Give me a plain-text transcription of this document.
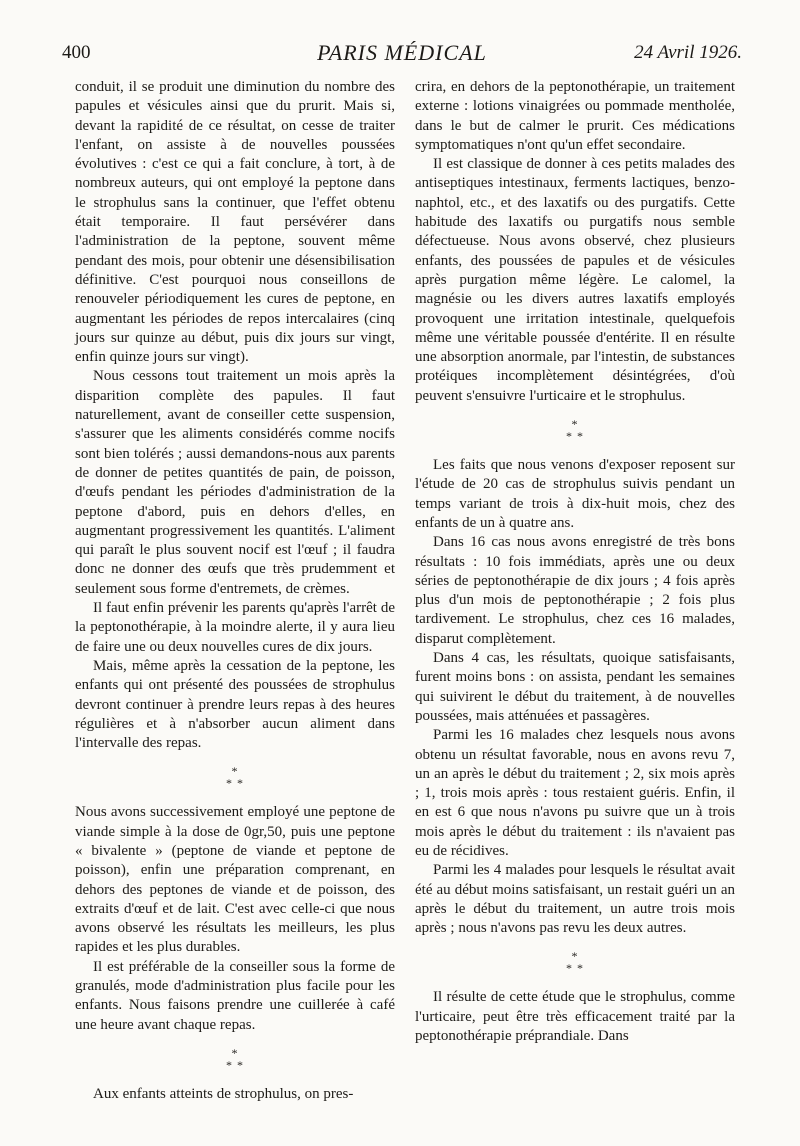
400	PARIS MÉDICAL	24 Avril 1926.

conduit, il se produit une diminution du nombre des papules et vésicules ainsi que du prurit. Mais si, devant la rapidité de ce résultat, on cesse de traiter l'enfant, on assiste à de nouvelles poussées évolutives : c'est ce qui a fait conclure, à tort, à de nombreux auteurs, qui ont employé la peptone dans le strophulus sans la continuer, que l'effet obtenu était temporaire. Il faut persévérer dans l'administration de la peptone, souvent même pendant des mois, pour obtenir une désensibilisation définitive. C'est pourquoi nous conseillons de renouveler périodiquement les cures de peptone, en augmentant les périodes de repos intercalaires (cinq jours sur quinze au début, puis dix jours sur vingt, enfin quinze jours sur vingt).

Nous cessons tout traitement un mois après la disparition complète des papules. Il faut naturellement, avant de conseiller cette suspension, s'assurer que les aliments considérés comme nocifs sont bien tolérés ; aussi demandons-nous aux parents de donner de petites quantités de pain, de poisson, d'œufs pendant les périodes d'administration de la peptone d'abord, puis en dehors d'elles, en augmentant progressivement les quantités. L'aliment qui paraît le plus souvent nocif est l'œuf ; il faudra donc ne donner des œufs que très prudemment et seulement sous forme d'entremets, de crèmes.

Il faut enfin prévenir les parents qu'après l'arrêt de la peptonothérapie, à la moindre alerte, il y aura lieu de faire une ou deux nouvelles cures de dix jours.

Mais, même après la cessation de la peptone, les enfants qui ont présenté des poussées de strophulus devront continuer à prendre leurs repas à des heures régulières et à n'absorber aucun aliment dans l'intervalle des repas.

*
* *

Nous avons successivement employé une peptone de viande simple à la dose de 0gr,50, puis une peptone « bivalente » (peptone de viande et peptone de poisson), enfin une préparation comprenant, en dehors des peptones de viande et de poisson, des extraits d'œuf et de lait. C'est avec celle-ci que nous avons observé les résultats les meilleurs, les plus rapides et les plus durables.

Il est préférable de la conseiller sous la forme de granulés, mode d'administration plus facile pour les enfants. Nous faisons prendre une cuillerée à café une heure avant chaque repas.

*
* *

Aux enfants atteints de strophulus, on pres-

crira, en dehors de la peptonothérapie, un traitement externe : lotions vinaigrées ou pommade mentholée, dans le but de calmer le prurit. Ces médications symptomatiques n'ont qu'un effet secondaire.

Il est classique de donner à ces petits malades des antiseptiques intestinaux, ferments lactiques, benzo-naphtol, etc., et des laxatifs ou des purgatifs. Cette habitude des laxatifs ou purgatifs nous semble défectueuse. Nous avons observé, chez plusieurs enfants, des poussées de papules et de vésicules après purgation même légère. Le calomel, la magnésie ou les divers autres laxatifs employés provoquent une irritation intestinale, quelquefois même une véritable poussée d'entérite. Il en résulte une absorption anormale, par l'intestin, de substances protéiques incomplètement désintégrées, d'où peuvent s'ensuivre l'urticaire et le strophulus.

*
* *

Les faits que nous venons d'exposer reposent sur l'étude de 20 cas de strophulus suivis pendant un temps variant de trois à dix-huit mois, chez des enfants de un à quatre ans.

Dans 16 cas nous avons enregistré de très bons résultats : 10 fois immédiats, après une ou deux séries de peptonothérapie de dix jours ; 4 fois après plus d'un mois de peptonothérapie ; 2 fois plus tardivement. Le strophulus, chez ces 16 malades, disparut complètement.

Dans 4 cas, les résultats, quoique satisfaisants, furent moins bons : on assista, pendant les semaines qui suivirent le début du traitement, à de nouvelles poussées, mais atténuées et passagères.

Parmi les 16 malades chez lesquels nous avons obtenu un résultat favorable, nous en avons revu 7, un an après le début du traitement ; 2, six mois après ; 1, trois mois après : tous restaient guéris. Enfin, il en est 6 que nous n'avons pu suivre que un à trois mois après le début du traitement : ils n'avaient pas eu de récidives.

Parmi les 4 malades pour lesquels le résultat avait été au début moins satisfaisant, un restait guéri un an après le début du traitement, un autre trois mois après ; nous n'avons pas revu les deux autres.

*
* *

Il résulte de cette étude que le strophulus, comme l'urticaire, peut être très efficacement traité par la peptonothérapie préprandiale. Dans
